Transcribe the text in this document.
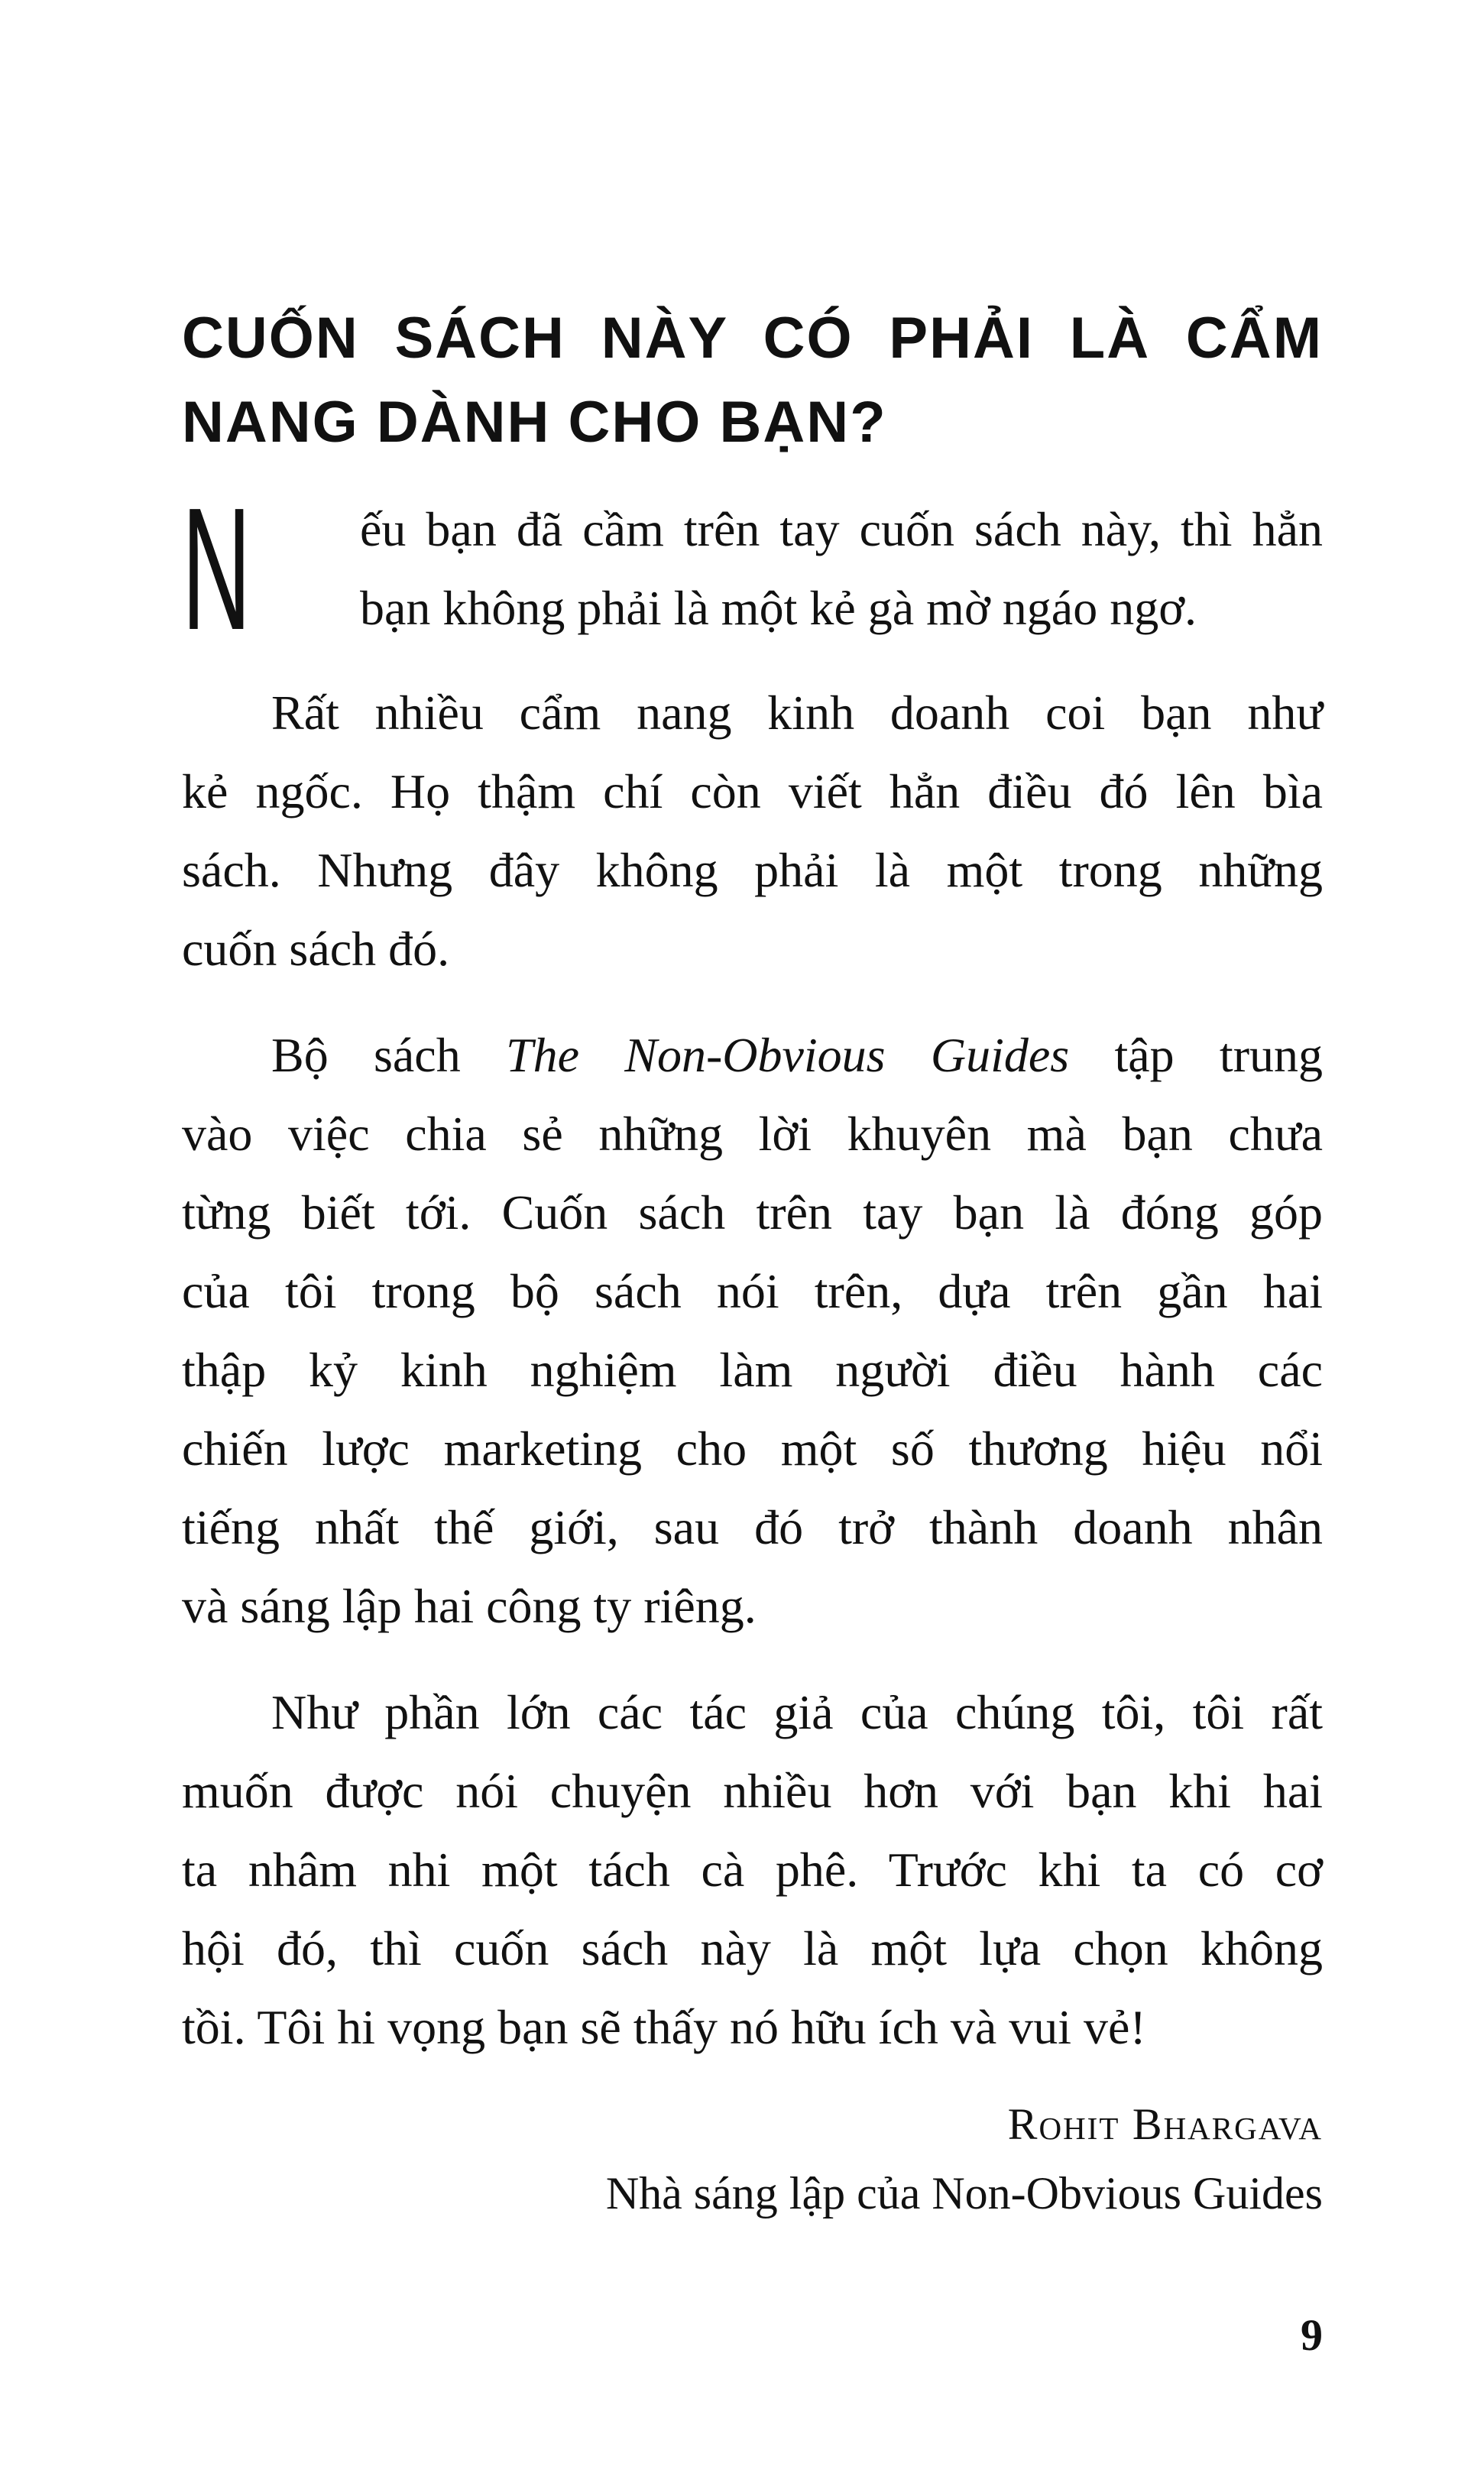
CUỐN SÁCH NÀY CÓ PHẢI LÀ CẨM
NANG DÀNH CHO BẠN?
N ếu bạn đã cầm trên tay cuốn sách này, thì hẳn
bạn không phải là một kẻ gà mờ ngáo ngơ.
Rất nhiều cẩm nang kinh doanh coi bạn như
kẻ ngốc. Họ thậm chí còn viết hẳn điều đó lên bìa
sách. Nhưng đây không phải là một trong những
cuốn sách đó.
Bộ sách The Non-Obvious Guides tập trung
vào việc chia sẻ những lời khuyên mà bạn chưa
từng biết tới. Cuốn sách trên tay bạn là đóng góp
của tôi trong bộ sách nói trên, dựa trên gần hai
thập kỷ kinh nghiệm làm người điều hành các
chiến lược marketing cho một số thương hiệu nổi
tiếng nhất thế giới, sau đó trở thành doanh nhân
và sáng lập hai công ty riêng.
Như phần lớn các tác giả của chúng tôi, tôi rất
muốn được nói chuyện nhiều hơn với bạn khi hai
ta nhâm nhi một tách cà phê. Trước khi ta có cơ
hội đó, thì cuốn sách này là một lựa chọn không
tồi. Tôi hi vọng bạn sẽ thấy nó hữu ích và vui vẻ!
Rohit Bhargava
Nhà sáng lập của Non-Obvious Guides
9
